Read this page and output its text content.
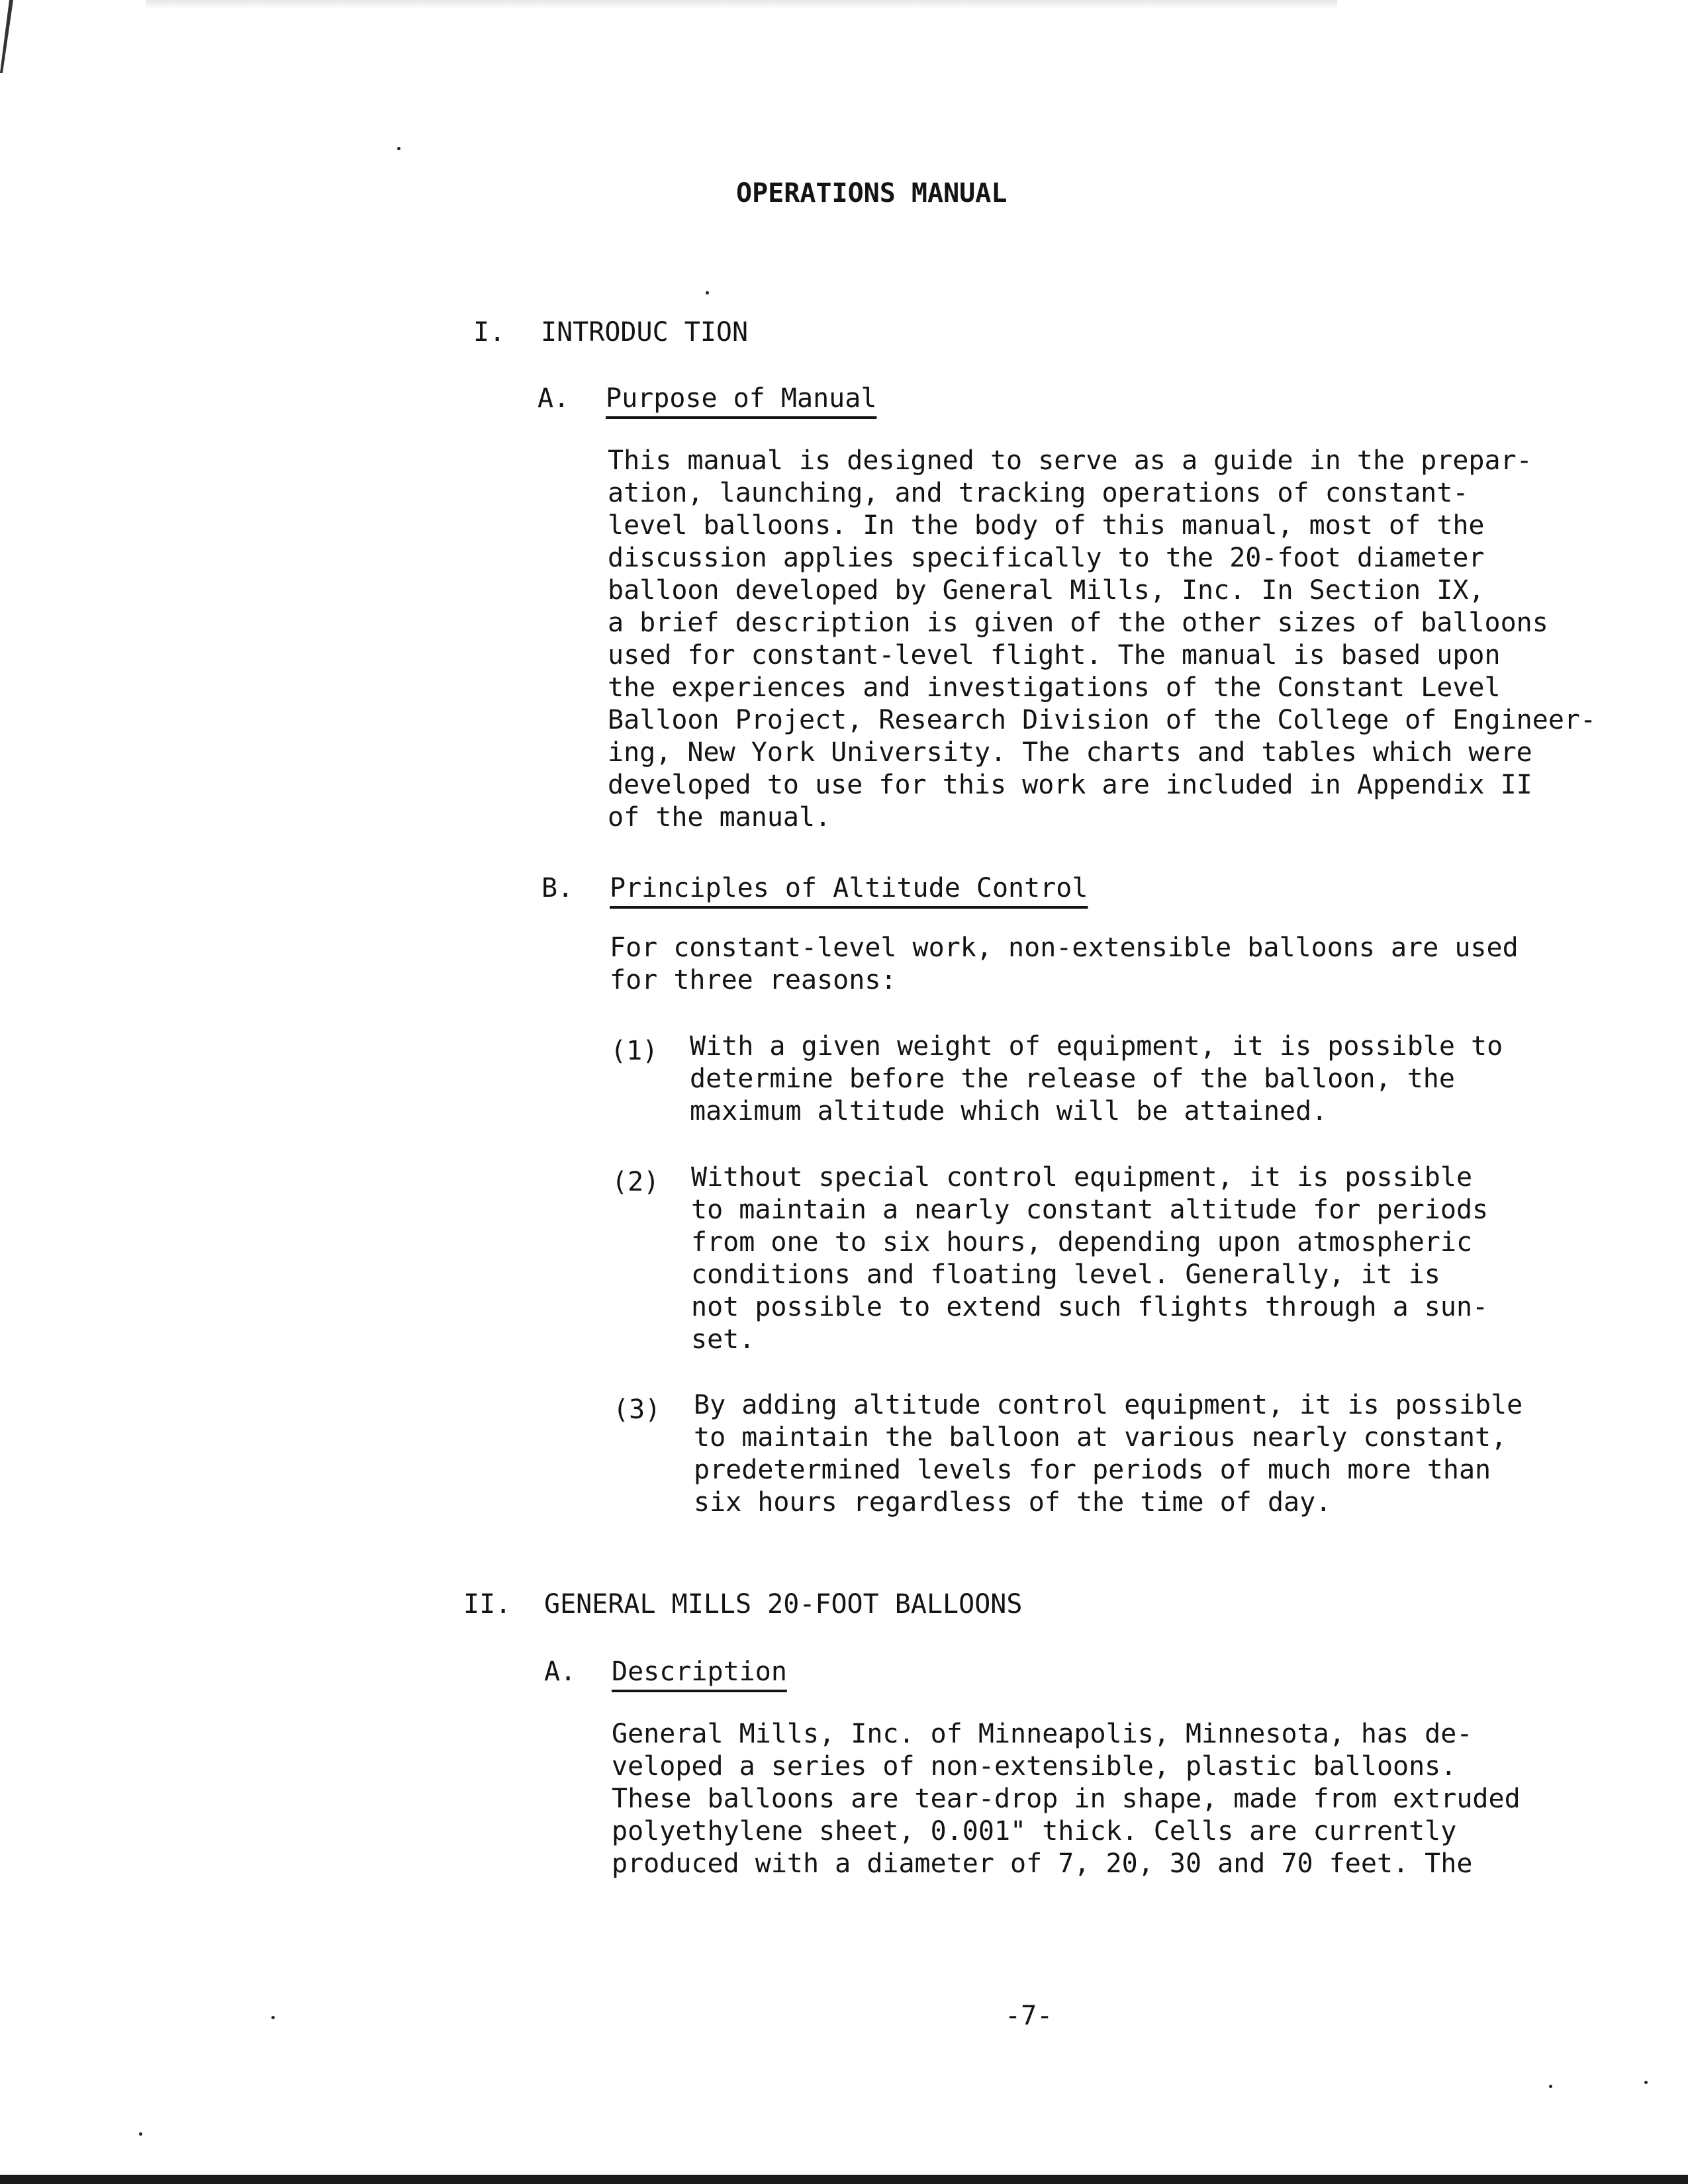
OPERATIONS MANUAL
I. INTRODUC TION
A. Purpose of Manual
This manual is designed to serve as a guide in the prepar-
ation, launching, and tracking operations of constant-
level balloons. In the body of this manual, most of the
discussion applies specifically to the 20-foot diameter
balloon developed by General Mills, Inc. In Section IX,
a brief description is given of the other sizes of balloons
used for constant-level flight. The manual is based upon
the experiences and investigations of the Constant Level
Balloon Project, Research Division of the College of Engineer-
ing, New York University. The charts and tables which were
developed to use for this work are included in Appendix II
of the manual.
B. Principles of Altitude Control
For constant-level work, non-extensible balloons are used
for three reasons:
(1) With a given weight of equipment, it is possible to
determine before the release of the balloon, the
maximum altitude which will be attained.
(2) Without special control equipment, it is possible
to maintain a nearly constant altitude for periods
from one to six hours, depending upon atmospheric
conditions and floating level. Generally, it is
not possible to extend such flights through a sun-
set.
(3) By adding altitude control equipment, it is possible
to maintain the balloon at various nearly constant,
predetermined levels for periods of much more than
six hours regardless of the time of day.
II. GENERAL MILLS 20-FOOT BALLOONS
A. Description
General Mills, Inc. of Minneapolis, Minnesota, has de-
veloped a series of non-extensible, plastic balloons.
These balloons are tear-drop in shape, made from extruded
polyethylene sheet, 0.001" thick. Cells are currently
produced with a diameter of 7, 20, 30 and 70 feet. The
-7-
